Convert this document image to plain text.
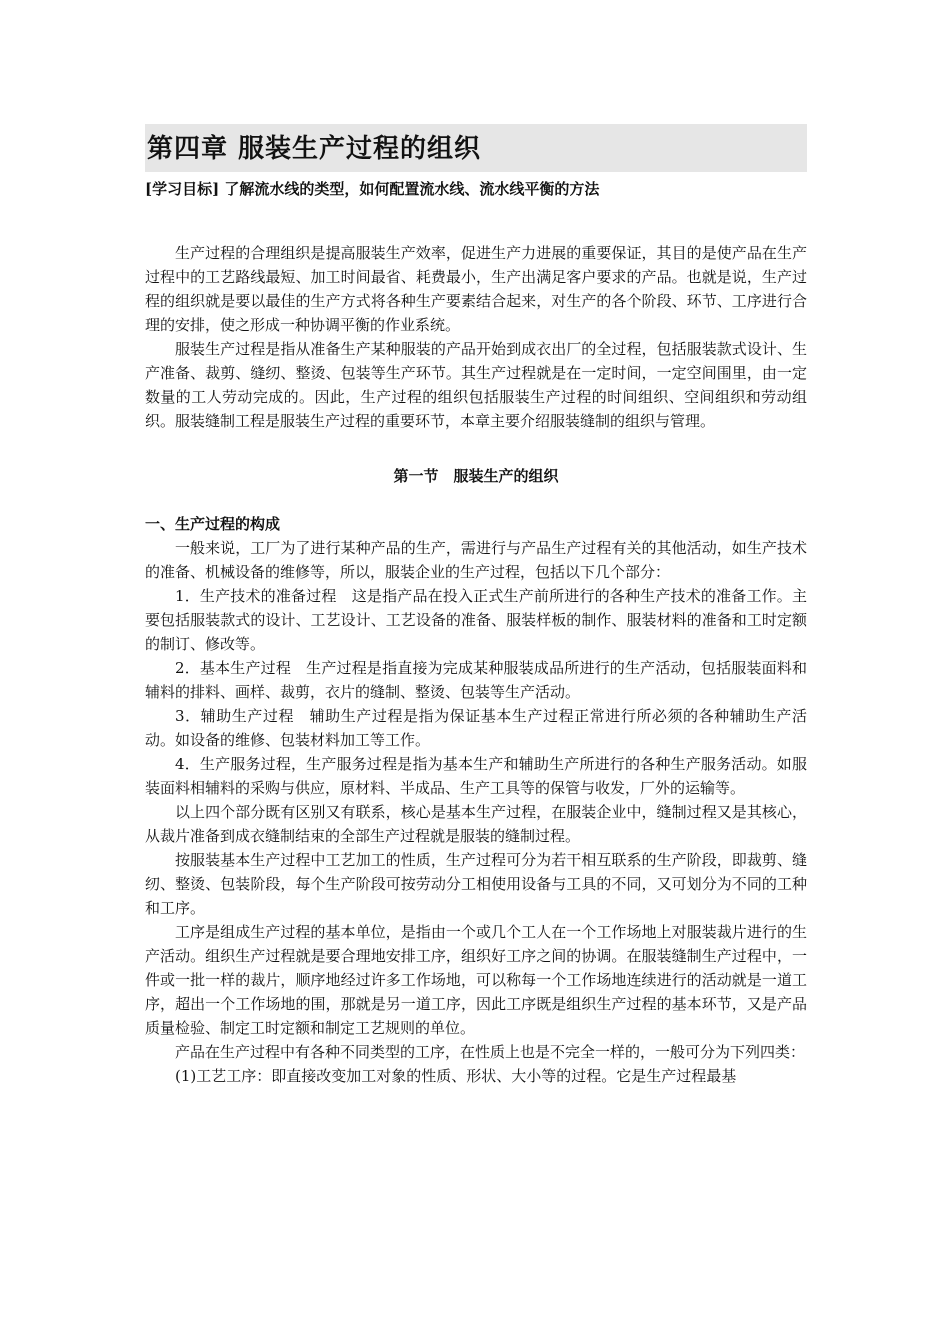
第四章 服装生产过程的组织
[学习目标] 了解流水线的类型，如何配置流水线、流水线平衡的方法

生产过程的合理组织是提高服装生产效率，促进生产力进展的重要保证，其目的是使产品在生产过程中的工艺路线最短、加工时间最省、耗费最小，生产出满足客户要求的产品。也就是说，生产过程的组织就是要以最佳的生产方式将各种生产要素结合起来，对生产的各个阶段、环节、工序进行合理的安排，使之形成一种协调平衡的作业系统。

服装生产过程是指从准备生产某种服装的产品开始到成衣出厂的全过程，包括服装款式设计、生产准备、裁剪、缝纫、整烫、包装等生产环节。其生产过程就是在一定时间，一定空间围里，由一定数量的工人劳动完成的。因此，生产过程的组织包括服装生产过程的时间组织、空间组织和劳动组织。服装缝制工程是服装生产过程的重要环节，本章主要介绍服装缝制的组织与管理。

第一节　服装生产的组织
一、生产过程的构成

一般来说，工厂为了进行某种产品的生产，需进行与产品生产过程有关的其他活动，如生产技术的准备、机械设备的维修等，所以，服装企业的生产过程，包括以下几个部分：

1．生产技术的准备过程　这是指产品在投入正式生产前所进行的各种生产技术的准备工作。主要包括服装款式的设计、工艺设计、工艺设备的准备、服装样板的制作、服装材料的准备和工时定额的制订、修改等。

2．基本生产过程　生产过程是指直接为完成某种服装成品所进行的生产活动，包括服装面料和辅料的排料、画样、裁剪，衣片的缝制、整烫、包装等生产活动。

3．辅助生产过程　辅助生产过程是指为保证基本生产过程正常进行所必须的各种辅助生产活动。如设备的维修、包装材料加工等工作。

4．生产服务过程，生产服务过程是指为基本生产和辅助生产所进行的各种生产服务活动。如服装面料相辅料的采购与供应，原材料、半成品、生产工具等的保管与收发，厂外的运输等。

以上四个部分既有区别又有联系，核心是基本生产过程，在服装企业中，缝制过程又是其核心，从裁片准备到成衣缝制结束的全部生产过程就是服装的缝制过程。

按服装基本生产过程中工艺加工的性质，生产过程可分为若干相互联系的生产阶段，即裁剪、缝纫、整烫、包装阶段，每个生产阶段可按劳动分工相使用设备与工具的不同，又可划分为不同的工种和工序。

工序是组成生产过程的基本单位，是指由一个或几个工人在一个工作场地上对服装裁片进行的生产活动。组织生产过程就是要合理地安排工序，组织好工序之间的协调。在服装缝制生产过程中，一件或一批一样的裁片，顺序地经过许多工作场地，可以称每一个工作场地连续进行的活动就是一道工序，超出一个工作场地的围，那就是另一道工序，因此工序既是组织生产过程的基本环节，又是产品质量检验、制定工时定额和制定工艺规则的单位。

产品在生产过程中有各种不同类型的工序，在性质上也是不完全一样的，一般可分为下列四类：

(1)工艺工序：即直接改变加工对象的性质、形状、大小等的过程。它是生产过程最基
